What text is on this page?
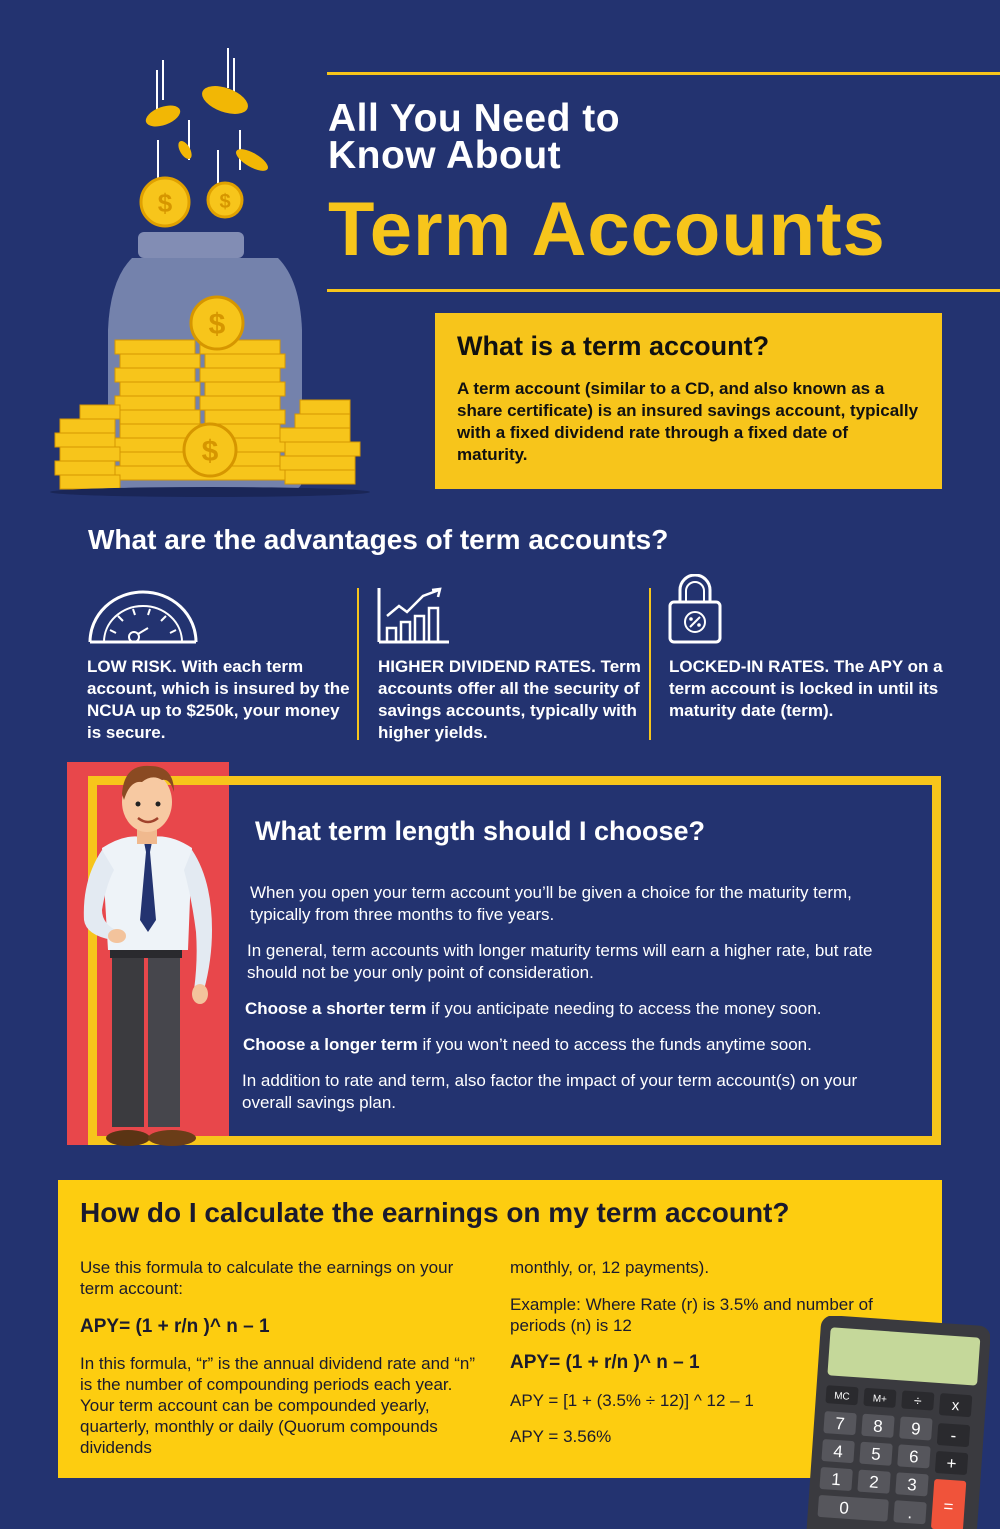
All You Need to
Know About
Term Accounts
$ $
$
$
What is a term account?

A term account (similar to a CD, and also known as a share certificate) is an insured savings account, typically with a fixed dividend rate through a fixed date of maturity.

What are the advantages of term accounts?
LOW RISK. With each term account, which is insured by the NCUA up to $250k, your money is secure.
HIGHER DIVIDEND RATES. Term accounts offer all the security of savings accounts, typically with higher yields.
LOCKED-IN RATES. The APY on a term account is locked in until its maturity date (term).
What term length should I choose?
When you open your term account you’ll be given a choice for the maturity term, typically from three months to five years.
In general, term accounts with longer maturity terms will earn a higher rate, but rate should not be your only point of consideration.
Choose a shorter term if you anticipate needing to access the money soon.
Choose a longer term if you won’t need to access the funds anytime soon.
In addition to rate and term, also factor the impact of your term account(s) on your overall savings plan.
How do I calculate the earnings on my term account?
Use this formula to calculate the earnings on your term account:
APY= (1 + r/n )^ n – 1
In this formula, “r” is the annual dividend rate and “n” is the number of compounding periods each year. Your term account can be compounded yearly, quarterly, monthly or daily (Quorum compounds dividends
monthly, or, 12 payments).
Example: Where Rate (r) is 3.5% and number of periods (n) is 12
APY= (1 + r/n )^ n – 1
APY = [1 + (3.5% ÷ 12)] ^ 12 – 1
APY = 3.56%
MC M+ ÷ x
7 8 9 -
4 5 6 +
1 2 3
=
0	.
